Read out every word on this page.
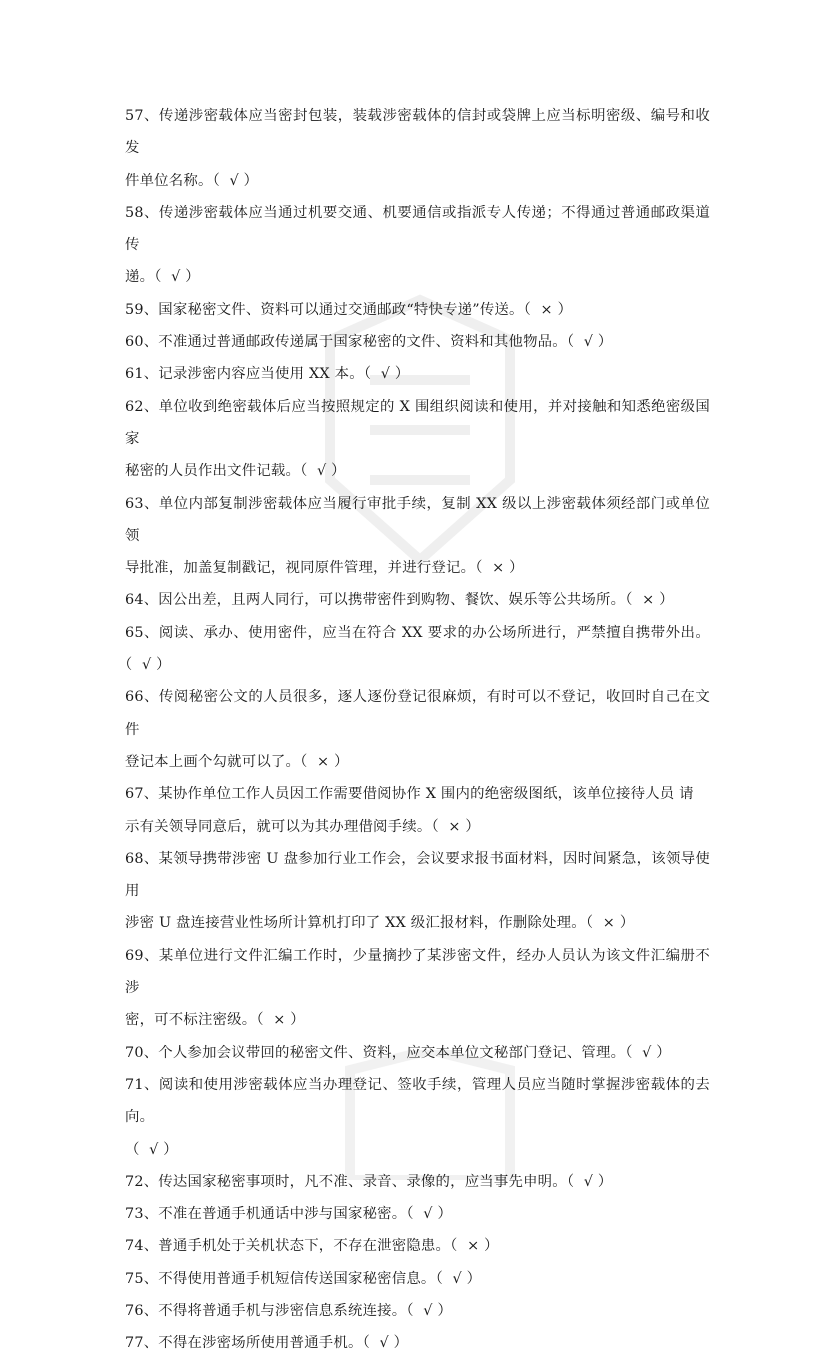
57、传递涉密载体应当密封包装，装载涉密载体的信封或袋牌上应当标明密级、编号和收发
件单位名称。（  √ ）

58、传递涉密载体应当通过机要交通、机要通信或指派专人传递；不得通过普通邮政渠道传
递。（  √ ）

59、国家秘密文件、资料可以通过交通邮政“特快专递”传送。（  × ）

60、不准通过普通邮政传递属于国家秘密的文件、资料和其他物品。（  √ ）

61、记录涉密内容应当使用 XX 本。（  √ ）

62、单位收到绝密载体后应当按照规定的 X 围组织阅读和使用，并对接触和知悉绝密级国家
秘密的人员作出文件记载。（  √ ）

63、单位内部复制涉密载体应当履行审批手续，复制 XX 级以上涉密载体须经部门或单位领
导批准，加盖复制戳记，视同原件管理，并进行登记。（  × ）

64、因公出差，且两人同行，可以携带密件到购物、餐饮、娱乐等公共场所。（  × ）

65、阅读、承办、使用密件，应当在符合 XX 要求的办公场所进行，严禁擅自携带外出。（  √ ）

66、传阅秘密公文的人员很多，逐人逐份登记很麻烦，有时可以不登记，收回时自己在文件
登记本上画个勾就可以了。（  × ）

67、某协作单位工作人员因工作需要借阅协作 X 围内的绝密级图纸，该单位接待人员 请
示有关领导同意后，就可以为其办理借阅手续。（  × ）

68、某领导携带涉密 U 盘参加行业工作会，会议要求报书面材料，因时间紧急，该领导使用
涉密 U 盘连接营业性场所计算机打印了 XX 级汇报材料，作删除处理。（  × ）

69、某单位进行文件汇编工作时，少量摘抄了某涉密文件，经办人员认为该文件汇编册不涉
密，可不标注密级。（  × ）

70、个人参加会议带回的秘密文件、资料，应交本单位文秘部门登记、管理。（  √ ）

71、阅读和使用涉密载体应当办理登记、签收手续，管理人员应当随时掌握涉密载体的去向。
（  √ ）

72、传达国家秘密事项时，凡不准、录音、录像的，应当事先申明。（  √ ）

73、不准在普通手机通话中涉与国家秘密。（  √ ）

74、普通手机处于关机状态下，不存在泄密隐患。（  × ）

75、不得使用普通手机短信传送国家秘密信息。（  √ ）

76、不得将普通手机与涉密信息系统连接。（  √ ）

77、不得在涉密场所使用普通手机。（  √ ）
